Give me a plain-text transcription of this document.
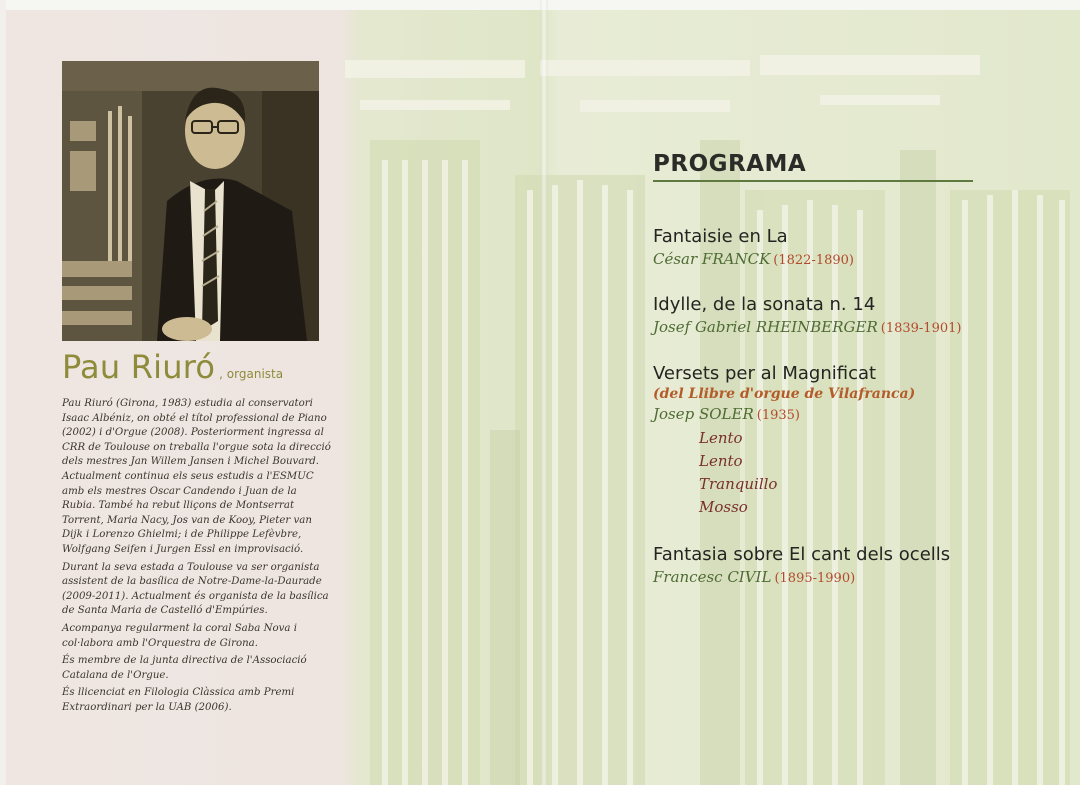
Pau Riuró , organista

Pau Riuró (Girona, 1983) estudia al conservatori Isaac Albéniz, on obté el títol professional de Piano (2002) i d'Orgue (2008). Posteriorment ingressa al CRR de Toulouse on treballa l'orgue sota la direcció dels mestres Jan Willem Jansen i Michel Bouvard. Actualment continua els seus estudis a l'ESMUC amb els mestres Oscar Candendo i Juan de la Rubia. També ha rebut lliçons de Montserrat Torrent, Maria Nacy, Jos van de Kooy, Pieter van Dijk i Lorenzo Ghielmi; i de Philippe Lefèvbre, Wolfgang Seifen i Jurgen Essl en improvisació.

Durant la seva estada a Toulouse va ser organista assistent de la basílica de Notre-Dame-la-Daurade (2009-2011). Actualment és organista de la basílica de Santa Maria de Castelló d'Empúries.

Acompanya regularment la coral Saba Nova i col·labora amb l'Orquestra de Girona.

És membre de la junta directiva de l'Associació Catalana de l'Orgue.

És llicenciat en Filologia Clàssica amb Premi Extraordinari per la UAB (2006).

PROGRAMA
Fantaisie en La
César FRANCK (1822-1890)
Idylle, de la sonata n. 14
Josef Gabriel RHEINBERGER (1839-1901)
Versets per al Magnificat
(del Llibre d'orgue de Vilafranca)
Josep SOLER (1935)
Lento
Lento
Tranquillo
Mosso
Fantasia sobre El cant dels ocells
Francesc CIVIL (1895-1990)
